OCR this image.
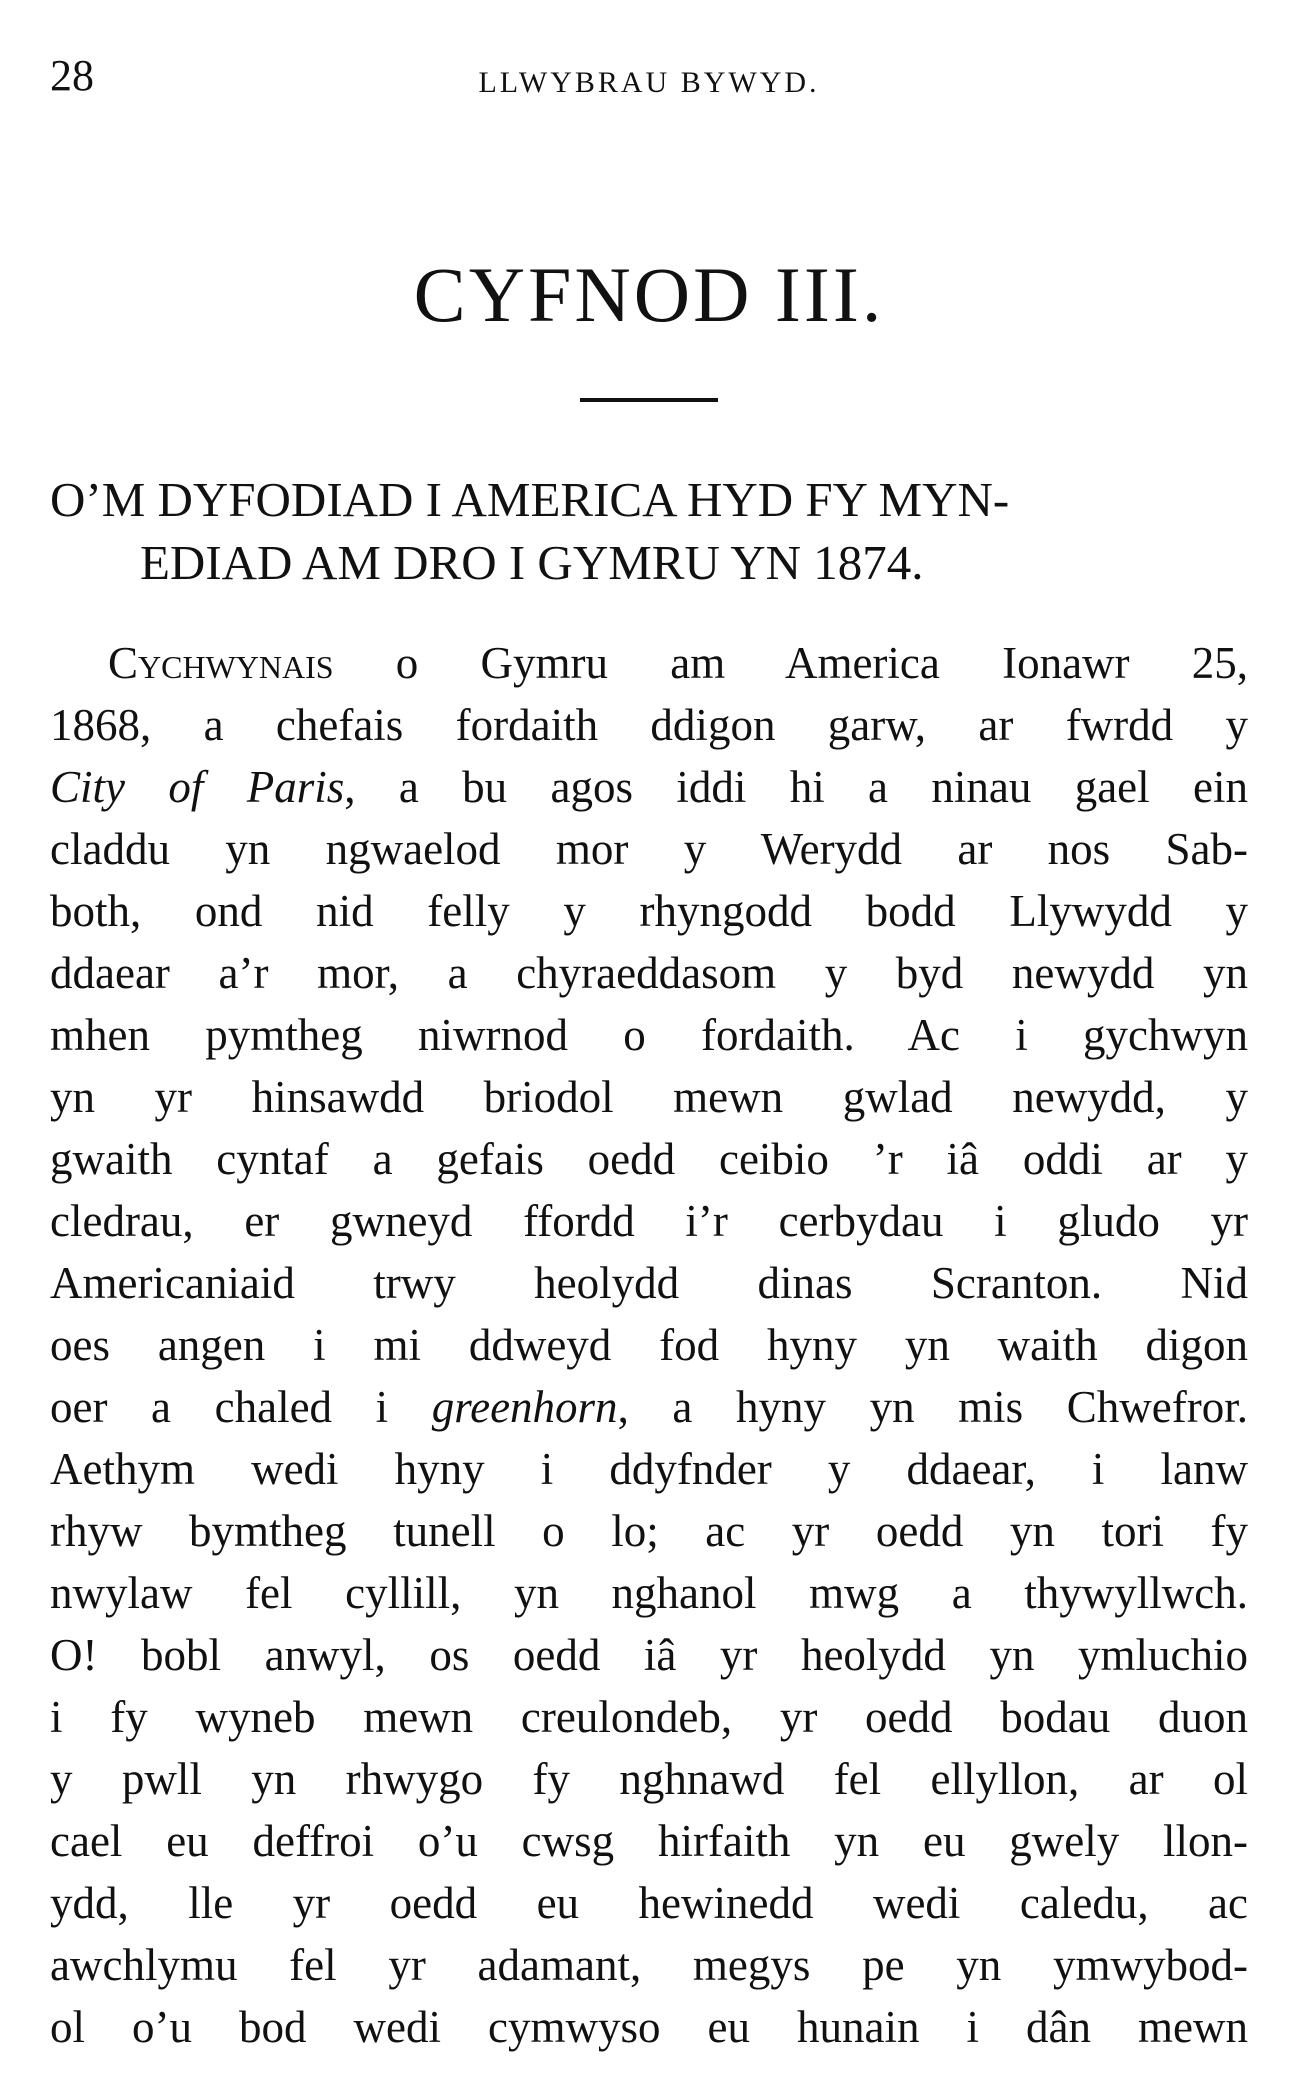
28	LLWYBRAU BYWYD.
CYFNOD III.
O’M DYFODIAD I AMERICA HYD FY MYN-
EDIAD AM DRO I GYMRU YN 1874.
Cychwynais o Gymru am America Ionawr 25,
1868, a chefais fordaith ddigon garw, ar fwrdd y
City of Paris, a bu agos iddi hi a ninau gael ein
claddu yn ngwaelod mor y Werydd ar nos Sab-
both, ond nid felly y rhyngodd bodd Llywydd y
ddaear a’r mor, a chyraeddasom y byd newydd yn
mhen pymtheg niwrnod o fordaith. Ac i gychwyn
yn yr hinsawdd briodol mewn gwlad newydd, y
gwaith cyntaf a gefais oedd ceibio ’r iâ oddi ar y
cledrau, er gwneyd ffordd i’r cerbydau i gludo yr
Americaniaid trwy heolydd dinas Scranton. Nid
oes angen i mi ddweyd fod hyny yn waith digon
oer a chaled i greenhorn, a hyny yn mis Chwefror.
Aethym wedi hyny i ddyfnder y ddaear, i lanw
rhyw bymtheg tunell o lo; ac yr oedd yn tori fy
nwylaw fel cyllill, yn nghanol mwg a thywyllwch.
O! bobl anwyl, os oedd iâ yr heolydd yn ymluchio
i fy wyneb mewn creulondeb, yr oedd bodau duon
y pwll yn rhwygo fy nghnawd fel ellyllon, ar ol
cael eu deffroi o’u cwsg hirfaith yn eu gwely llon-
ydd, lle yr oedd eu hewinedd wedi caledu, ac
awchlymu fel yr adamant, megys pe yn ymwybod-
ol o’u bod wedi cymwyso eu hunain i dân mewn
